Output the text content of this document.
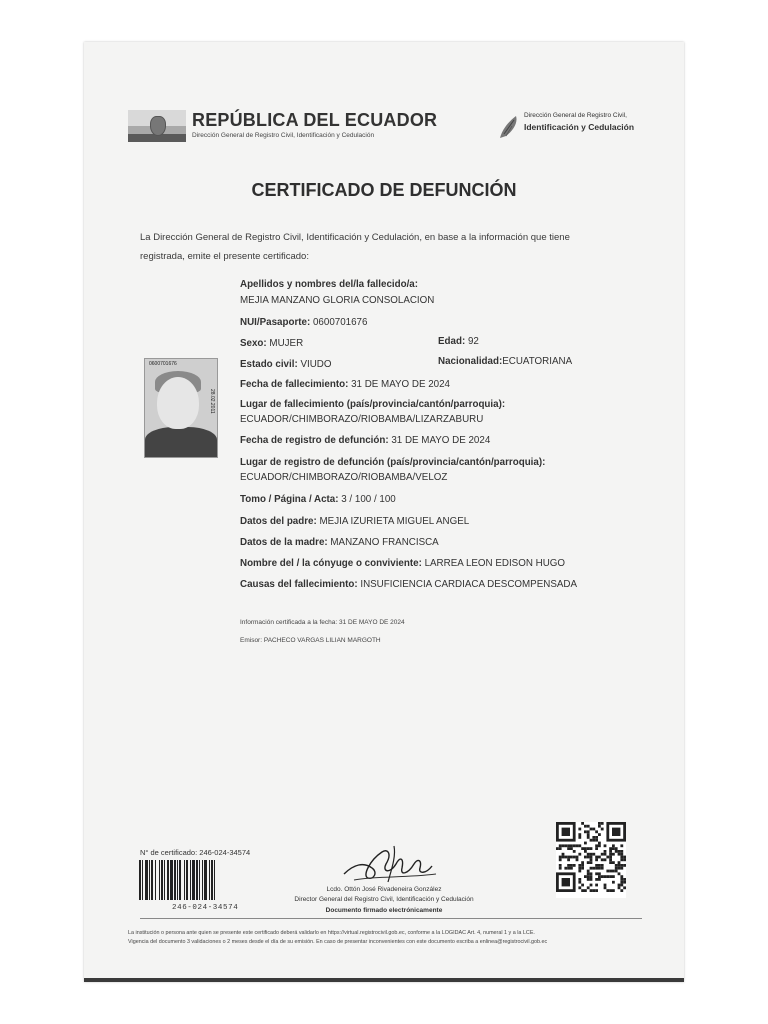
REPÚBLICA DEL ECUADOR
Dirección General de Registro Civil, Identificación y Cedulación
Dirección General de Registro Civil,
Identificación y Cedulación
CERTIFICADO DE DEFUNCIÓN
La Dirección General de Registro Civil, Identificación y Cedulación, en base a la información que tiene registrada, emite el presente certificado:
0600701676
28.02.2011
Apellidos y nombres del/la fallecido/a:
MEJIA MANZANO GLORIA CONSOLACION
NUI/Pasaporte: 0600701676
Sexo: MUJER	Edad: 92
Estado civil: VIUDO	Nacionalidad:ECUATORIANA
Fecha de fallecimiento: 31 DE MAYO DE 2024
Lugar de fallecimiento (país/provincia/cantón/parroquia):
ECUADOR/CHIMBORAZO/RIOBAMBA/LIZARZABURU
Fecha de registro de defunción: 31 DE MAYO DE 2024
Lugar de registro de defunción (país/provincia/cantón/parroquia):
ECUADOR/CHIMBORAZO/RIOBAMBA/VELOZ
Tomo / Página / Acta: 3 / 100 / 100
Datos del padre: MEJIA IZURIETA MIGUEL ANGEL
Datos de la madre: MANZANO FRANCISCA
Nombre del / la cónyuge o conviviente: LARREA LEON EDISON HUGO
Causas del fallecimiento: INSUFICIENCIA CARDIACA DESCOMPENSADA
Información certificada a la fecha: 31 DE MAYO DE 2024
Emisor: PACHECO VARGAS LILIAN MARGOTH
N° de certificado: 246-024-34574
246-024-34574
Lcdo. Ottón José Rivadeneira González
Director General del Registro Civil, Identificación y Cedulación
Documento firmado electrónicamente
La institución o persona ante quien se presente este certificado deberá validarlo en https://virtual.registrocivil.gob.ec, conforme a la LOGIDAC Art. 4, numeral 1 y a la LCE.
Vigencia del documento 3 validaciones o 2 meses desde el día de su emisión. En caso de presentar inconvenientes con este documento escriba a enlinea@registrocivil.gob.ec
